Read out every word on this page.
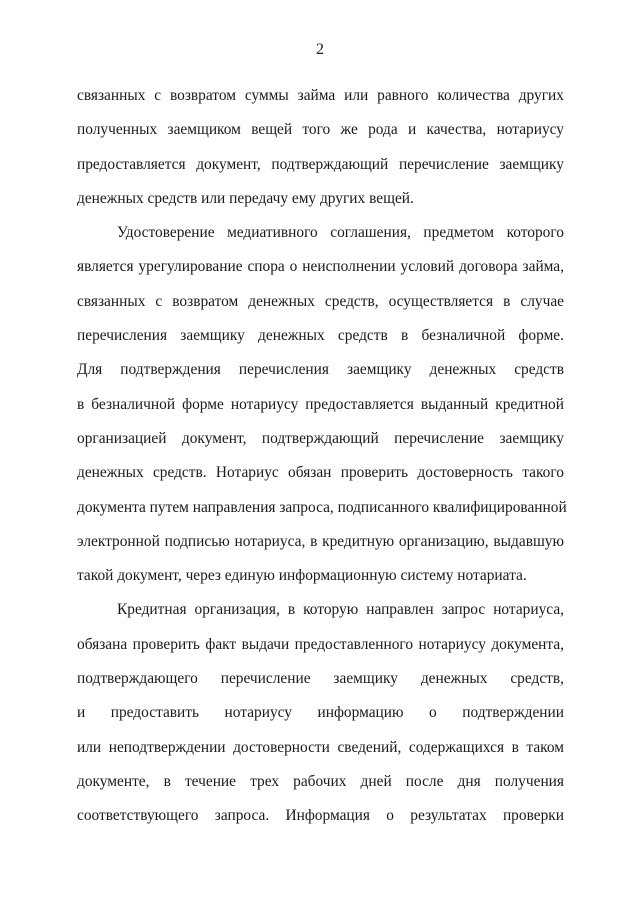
2
связанных с возвратом суммы займа или равного количества других
полученных заемщиком вещей того же рода и качества, нотариусу
предоставляется документ, подтверждающий перечисление заемщику
денежных средств или передачу ему других вещей.
Удостоверение медиативного соглашения, предметом которого
является урегулирование спора о неисполнении условий договора займа,
связанных с возвратом денежных средств, осуществляется в случае
перечисления заемщику денежных средств в безналичной форме.
Для подтверждения перечисления заемщику денежных средств
в безналичной форме нотариусу предоставляется выданный кредитной
организацией документ, подтверждающий перечисление заемщику
денежных средств. Нотариус обязан проверить достоверность такого
документа путем направления запроса, подписанного квалифицированной
электронной подписью нотариуса, в кредитную организацию, выдавшую
такой документ, через единую информационную систему нотариата.
Кредитная организация, в которую направлен запрос нотариуса,
обязана проверить факт выдачи предоставленного нотариусу документа,
подтверждающего перечисление заемщику денежных средств,
и предоставить нотариусу информацию о подтверждении
или неподтверждении достоверности сведений, содержащихся в таком
документе, в течение трех рабочих дней после дня получения
соответствующего запроса. Информация о результатах проверки
